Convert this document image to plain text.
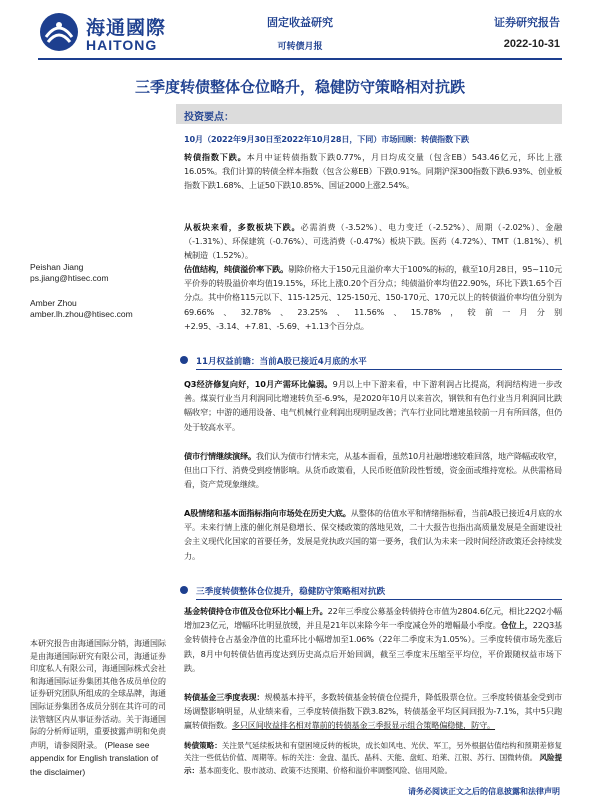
海通國際
HAITONG
固定收益研究
可转债月报
证券研究报告
2022-10-31
三季度转债整体仓位略升，稳健防守策略相对抗跌
投资要点：
Peishan Jiang
ps.jiang@htisec.com
Amber Zhou
amber.lh.zhou@htisec.com
本研究报告由海通国际分销，海通国际是由海通国际研究有限公司，海通证券印度私人有限公司，海通国际株式会社和海通国际证券集团其他各成员单位的证券研究团队所组成的全球品牌，海通国际证券集团各成员分别在其许可的司法管辖区内从事证券活动。关于海通国际的分析师证明，重要披露声明和免责声明，请参阅附录。 (Please see appendix for English translation of the disclaimer)
10月（2022年9月30日至2022年10月28日，下同）市场回顾：转债指数下跌
转债指数下跌。本月中证转债指数下跌0.77%，月日均成交量（包含EB）543.46亿元，环比上涨16.05%。我们计算的转债全样本指数（包含公募EB）下跌0.91%。同期沪深300指数下跌6.93%、创业板指数下跌1.68%、上证50下跌10.85%、国证2000上涨2.54%。
从板块来看，多数板块下跌。必需消费（-3.52%）、电力变迁（-2.52%）、周期（-2.02%）、金融（-1.31%）、环保建筑（-0.76%）、可选消费（-0.47%）板块下跌。医药（4.72%）、TMT（1.81%）、机械制造（1.52%）。
估值结构，纯债溢价率下跌。剔除价格大于150元且溢价率大于100%的标的，截至10月28日，95~110元平价券的转股溢价率均值19.15%，环比上涨0.20个百分点；纯债溢价率均值22.90%，环比下跌1.65个百分点。其中价格115元以下、115-125元、125-150元、150-170元、170元以上的转债溢价率均值分别为69.66%、32.78%、23.25%、11.56%、15.78%，较前一月分别+2.95、-3.14、+7.81、-5.69、+1.13个百分点。
11月权益前瞻：当前A股已接近4月底的水平
Q3经济修复向好，10月产需环比偏弱。9月以上中下游来看，中下游利润占比提高，利润结构进一步改善。煤炭行业当月利润同比增速转负至-6.9%，是2020年10月以来首次，钢铁和有色行业当月利润同比跌幅收窄；中游的通用设备、电气机械行业利润出现明显改善；汽车行业同比增速虽较前一月有所回落，但仍处于较高水平。
债市行情继续演绎。我们认为债市行情未完，从基本面看，虽然10月社融增速较难回落，地产降幅或收窄，但出口下行、消费受到疫情影响。从货币政策看，人民币贬值阶段性暂缓，资金面或维持宽松。从供需格局看，资产荒现象继续。
A股情绪和基本面指标指向市场处在历史大底。从整体的估值水平和情绪指标看，当前A股已接近4月底的水平。未来行情上涨的催化剂是稳增长、保交楼政策的落地见效，二十大报告也指出高质量发展是全面建设社会主义现代化国家的首要任务，发展是党执政兴国的第一要务，我们认为未来一段时间经济政策还会持续发力。
三季度转债整体仓位提升，稳健防守策略相对抗跌
基金转债持仓市值及仓位环比小幅上升。22年三季度公募基金转债持仓市值为2804.6亿元，相比22Q2小幅增加23亿元，增幅环比明显放缓，并且是21年以来除今年一季度减仓外的增幅最小季度。仓位上，22Q3基金转债持仓占基金净值的比重环比小幅增加至1.06%（22年二季度末为1.05%）。三季度转债市场先涨后跌，8月中旬转债估值再度达到历史高点后开始回调，截至三季度末压缩至平均位，平价跟随权益市场下跌。
转债基金三季度表现：规模基本持平，多数转债基金转债仓位提升，降低股票仓位。三季度转债基金受到市场调整影响明显，从业绩来看，三季度转债指数下跌3.82%，转债基金平均区间回报为-7.1%，其中5只跑赢转债指数。多只区间收益排名相对靠前的转债基金三季报显示组合策略偏稳健，防守。
转债策略：关注景气延续板块和有望困境反转的板块，成长如风电、光伏、军工，另外根据估值结构和预期差修复关注一些低估价值、周期等。标的关注：金盘、温氏、晶科、天能、盘虹、珀莱、江银、苏行、国微转债。 风险提示：基本面变化、股市波动、政策不达预期、价格和溢价率调整风险、信用风险。
请务必阅读正文之后的信息披露和法律声明
